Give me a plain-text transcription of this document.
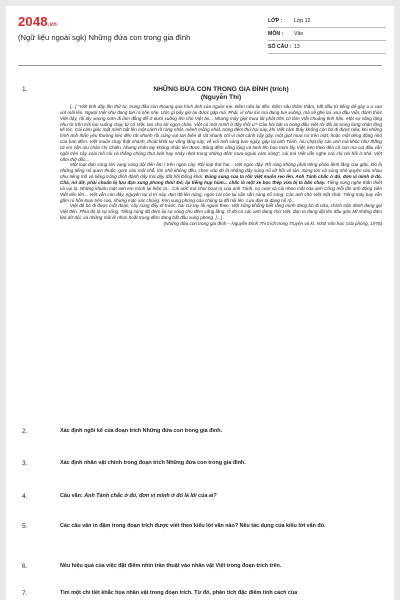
2048.vn
(Ngữ liệu ngoài sgk) Những đứa con trong gia đình
LỚP :	Lớp 12
MÔN :	Văn
SỐ CÂU : 13
1.	NHỮNG ĐỨA CON TRONG GIA ĐÌNH (trích)
(Nguyễn Thi)

[...] "Việt tỉnh dậy lần thứ tư, trong đầu còn thoang qua hình ảnh của người mẹ. Đêm nữa lại đến. Đêm sâu thăm thẳm, bắt đầu từ tiếng dế gáy u u cao vút mãi lên. Người Việt như đang tan ra nhè nhẹ. Ước gì bây giờ lại được gặp má. Phải, vì như lúc má đang bơi xuồng, má sẽ ghé lại, xoa đầu Việt, đánh thức Việt dậy, rồi lấy xoong cơm đi làm đồng để ở dưới xuồng lên cho Việt ăn... Nhưng mấy giọt mưa lất phất trên cỏ làm Việt choàng tỉnh hẳn. Một sự vắng lặng như từ trên trời lạo xuống chạy từ cỏ Việt, lan cho tới ngọn chân. Việt có một mình ở đây thôi ư? Câu hỏi bật ra trong đầu Việt rồi đội lại trong từng chân lông kẽ tóc. Cái cảm giác một mình bật lên một cách rõ ràng nhất, mênh mông nhất, trong đêm thứ hai này, khi Việt cảm thấy không còn bò đi được nữa, khi những hình ảnh thân yêu thường kéo đến rất nhanh rồi cũng vụt tan biến đi rất nhanh chỉ vì một cánh cây gãy, một giọt mưa rơi trên mặt, hoặc một tiếng động nhỏ của ban đêm. Việt muốn chạy thật nhanh, thoát khỏi sự vắng lặng này, về với ánh sáng ban ngày, gặp lại anh Tánh, níu chặt lấy các anh mà khóc như thằng Út em vẫn níu chân chị Chiến, nhưng chân tay không nhấc lên được. Bóng đêm vắng lặng và lạnh lẽo bao trùm lấy Việt, kéo theo đến cả con ma cụt đầu vẫn ngồi trên cây xoài mồ côi và thằng chòng thụt lưỡi hay nhảy nhót trong những đêm mưa ngoài vàm sông", cái mà Việt vẫn nghe các chị nói hồi ở nhà. Việt nằm thở dốc...

Một loạt đạn súng lớn vang vang dội đến ầm ì trên ngọn cây. Rồi loạt thứ hai... Việt ngóc dậy. Rõ ràng không phải tiếng pháo lệnh lắng của giặc. Đó là những tiếng nổ quen thuộc, gom vào một chỗ, lớn nhỏ không đều, chen vào đó là những dây súng nổ vỡ hồi vô tận. Súng lớn và súng nhỏ quyện vào nhau như tiếng mõ và tiếng trống đình đánh dây trời dậy đất hồi Đồng khởi. Đúng súng của ta rồi! Việt muốn reo lên. Anh Tánh chắc ở đó, đơn vị mình ở đó. Chà, nó dữ, phải chuẩn bị lựu đạn xung phong thôi! Đó, lại tiếng hụp hùm... chắc là một xe bọc thép vừa bị ta bắn cháy. Tiếng súng nghe thân thiết và vui lạ. Những khuôn mặt anh em mình lại hiện ra... Cái ước mơ chơi hoạt ra của anh Tánh, nụ cười và cái nheo mắt của anh Công mỗi lần anh động viên Việt tiến lên... Việt vẫn còn đây, nguyên tại vị trí này, đạn đã lên nòng, ngón cái còn lại vẫn sẵn sàng nổ súng. Các anh chờ Việt một chút. Tiếng máy bay vẫn gầm rú hỗn loạn trên cao, nhưng mặc xác chúng. Kèn xung phong của chúng ta đã nổi lên. Lựu đạn ta đang nổ rộ...

Việt đã bò đi được một đoạn, cây súng đẩy đi trước, hai cùi tay lôi người theo. Việt cũng không biết rằng mình đang bò đi nữa, chính trận đánh đang gọi Việt đến. Phía đó là sự sống. Tiếng súng đã đem lại sự sống cho đêm vắng lặng. Ở đó có các anh đang chờ Việt, đạn ta đang dội lên đầu giặc Mĩ những đám lửa dữ dội, và những mũi lê nhọn hoắt trong đêm đang bắt đầu xung phong. [...]

(Những đứa con trong gia đình – Nguyễn Đình Thi trích trong Truyện và kí, NXB Văn học Giải phóng, 1978)
2.	Xác định ngôi kể của đoạn trích Những đứa con trong gia đình.
3.	Xác định nhân vật chính trong đoạn trích Những đứa con trong gia đình.
4.	Câu văn: Anh Tánh chắc ở đó, đơn vị mình ở đó là lối của ai?
5.	Các câu văn in đậm trong đoạn trích được viết theo kiểu lời văn nào? Nêu tác dụng của kiểu lời văn đó.
6.	Nêu hiệu quả của việc đặt điểm nhìn trần thuật vào nhân vật Việt trong đoạn trích trên.
7.	Tìm một chi tiết khắc họa nhân vật trong đoạn trích. Từ đó, phân tích đặc điểm tính cách của
